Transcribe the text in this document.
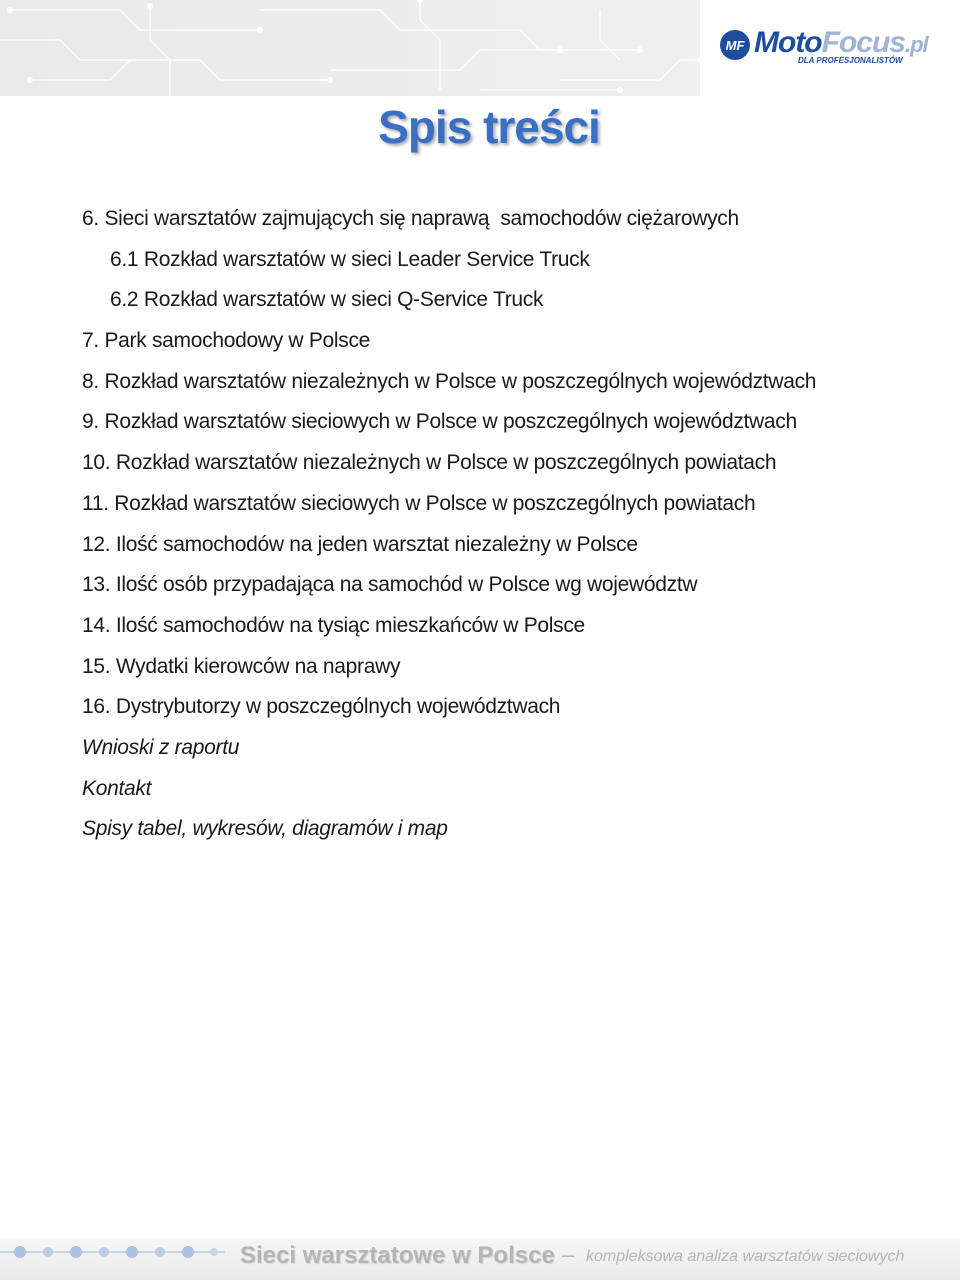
MF MotoFocus.pl
DLA PROFESJONALISTÓW
Spis treści
6. Sieci warsztatów zajmujących się naprawą  samochodów ciężarowych
6.1 Rozkład warsztatów w sieci Leader Service Truck
6.2 Rozkład warsztatów w sieci Q-Service Truck
7. Park samochodowy w Polsce
8. Rozkład warsztatów niezależnych w Polsce w poszczególnych województwach
9. Rozkład warsztatów sieciowych w Polsce w poszczególnych województwach
10. Rozkład warsztatów niezależnych w Polsce w poszczególnych powiatach
11. Rozkład warsztatów sieciowych w Polsce w poszczególnych powiatach
12. Ilość samochodów na jeden warsztat niezależny w Polsce
13. Ilość osób przypadająca na samochód w Polsce wg województw
14. Ilość samochodów na tysiąc mieszkańców w Polsce
15. Wydatki kierowców na naprawy
16. Dystrybutorzy w poszczególnych województwach
Wnioski z raportu
Kontakt
Spisy tabel, wykresów, diagramów i map
Sieci warsztatowe w Polsce – kompleksowa analiza warsztatów sieciowych
